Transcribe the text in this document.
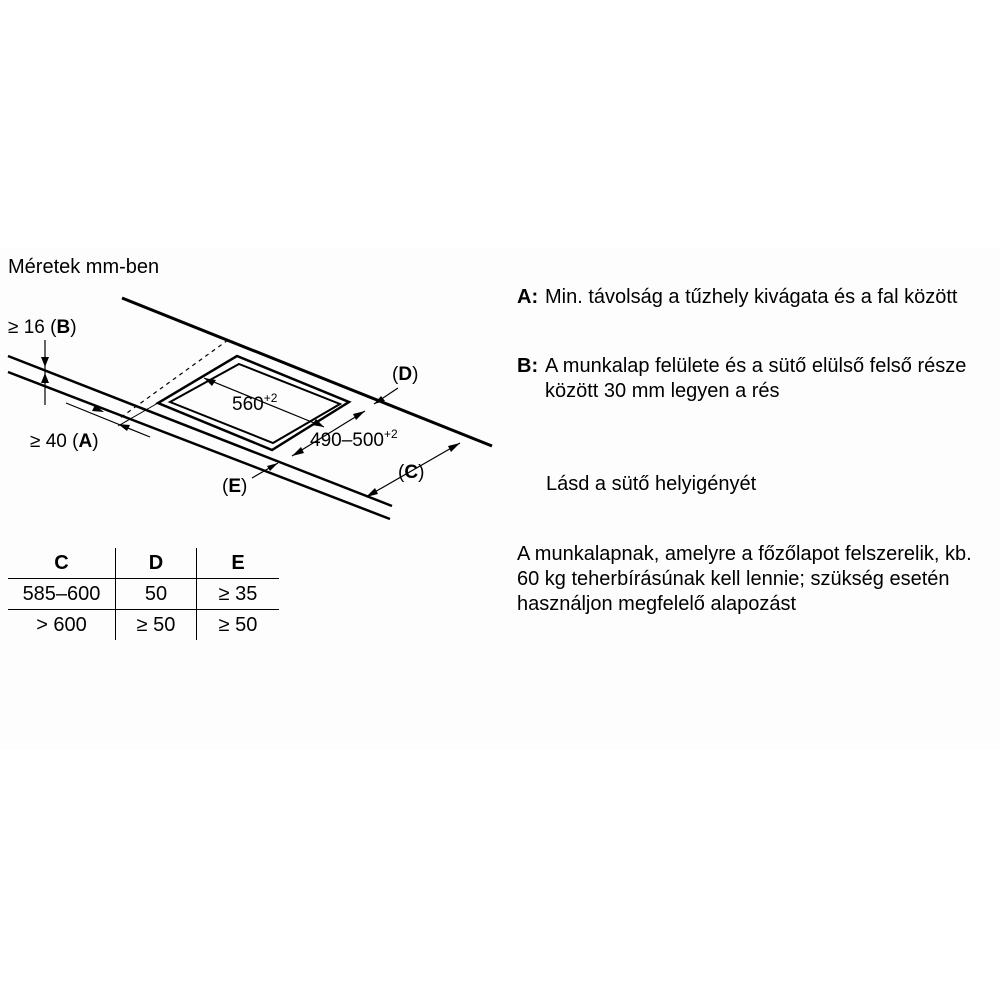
≥ 16 (B)
≥ 40 (A)
$560^{+2}$
$490-500^{+2}$
(D)
(C)
(E)
Méretek mm-ben
C	D	E
585–600	50	≥ 35
> 600	≥ 50	≥ 50
A: Min. távolság a tűzhely kivágata és a fal között
B: A munkalap felülete és a sütő elülső felső része között 30 mm legyen a rés
Lásd a sütő helyigényét
A munkalapnak, amelyre a főzőlapot felszerelik, kb. 60 kg teherbírásúnak kell lennie; szükség esetén használjon megfelelő alapozást
